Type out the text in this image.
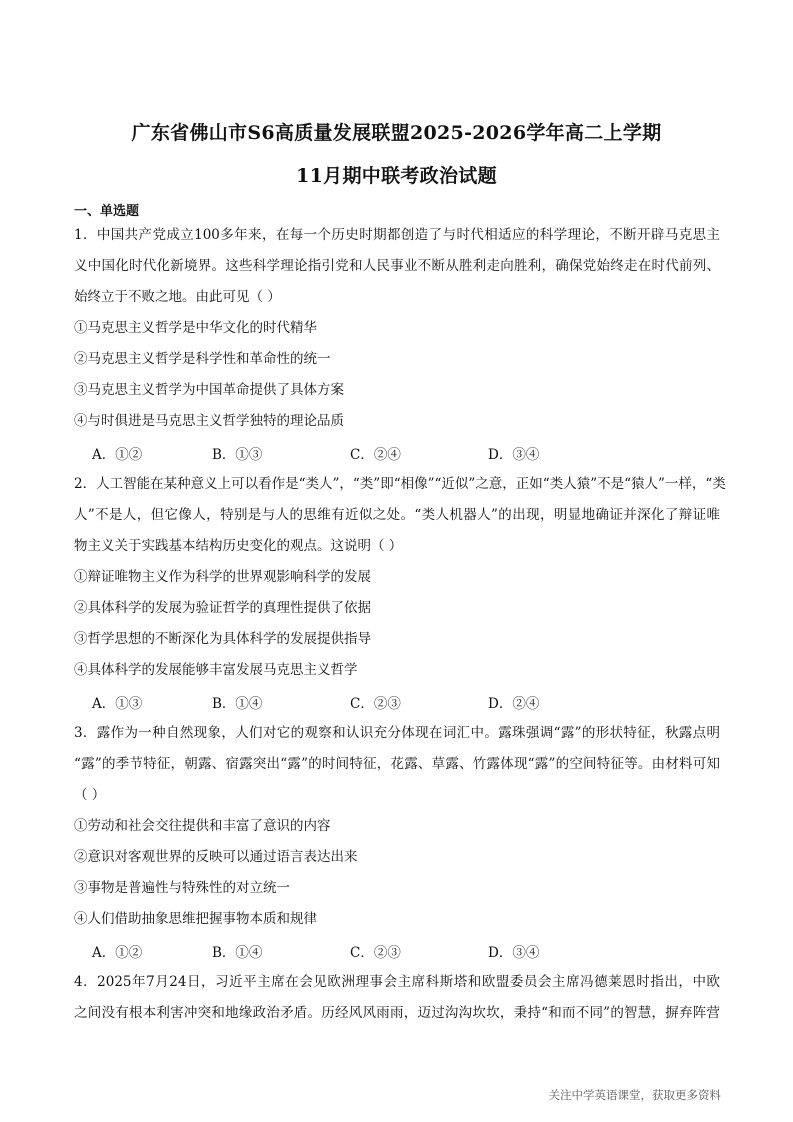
广东省佛山市S6高质量发展联盟2025-2026学年高二上学期
11月期中联考政治试题
一、单选题
1．中国共产党成立100多年来，在每一个历史时期都创造了与时代相适应的科学理论，不断开辟马克思主
义中国化时代化新境界。这些科学理论指引党和人民事业不断从胜利走向胜利，确保党始终走在时代前列、
始终立于不败之地。由此可见（ ）
①马克思主义哲学是中华文化的时代精华
②马克思主义哲学是科学性和革命性的统一
③马克思主义哲学为中国革命提供了具体方案
④与时俱进是马克思主义哲学独特的理论品质
A．①②	B．①③	C．②④	D．③④
2．人工智能在某种意义上可以看作是“类人”，“类”即“相像”“近似”之意，正如“类人猿”不是“猿人”一样，“类
人”不是人，但它像人，特别是与人的思维有近似之处。“类人机器人”的出现，明显地确证并深化了辩证唯
物主义关于实践基本结构历史变化的观点。这说明（ ）
①辩证唯物主义作为科学的世界观影响科学的发展
②具体科学的发展为验证哲学的真理性提供了依据
③哲学思想的不断深化为具体科学的发展提供指导
④具体科学的发展能够丰富发展马克思主义哲学
A．①③	B．①④	C．②③	D．②④
3．露作为一种自然现象，人们对它的观察和认识充分体现在词汇中。露珠强调“露”的形状特征，秋露点明
“露”的季节特征，朝露、宿露突出“露”的时间特征，花露、草露、竹露体现“露”的空间特征等。由材料可知
（ ）
①劳动和社会交往提供和丰富了意识的内容
②意识对客观世界的反映可以通过语言表达出来
③事物是普遍性与特殊性的对立统一
④人们借助抽象思维把握事物本质和规律
A．①②	B．①④	C．②③	D．③④
4．2025年7月24日，习近平主席在会见欧洲理事会主席科斯塔和欧盟委员会主席冯德莱恩时指出，中欧
之间没有根本利害冲突和地缘政治矛盾。历经风风雨雨，迈过沟沟坎坎，秉持“和而不同”的智慧，摒弃阵营
关注中学英语课堂，获取更多资料
